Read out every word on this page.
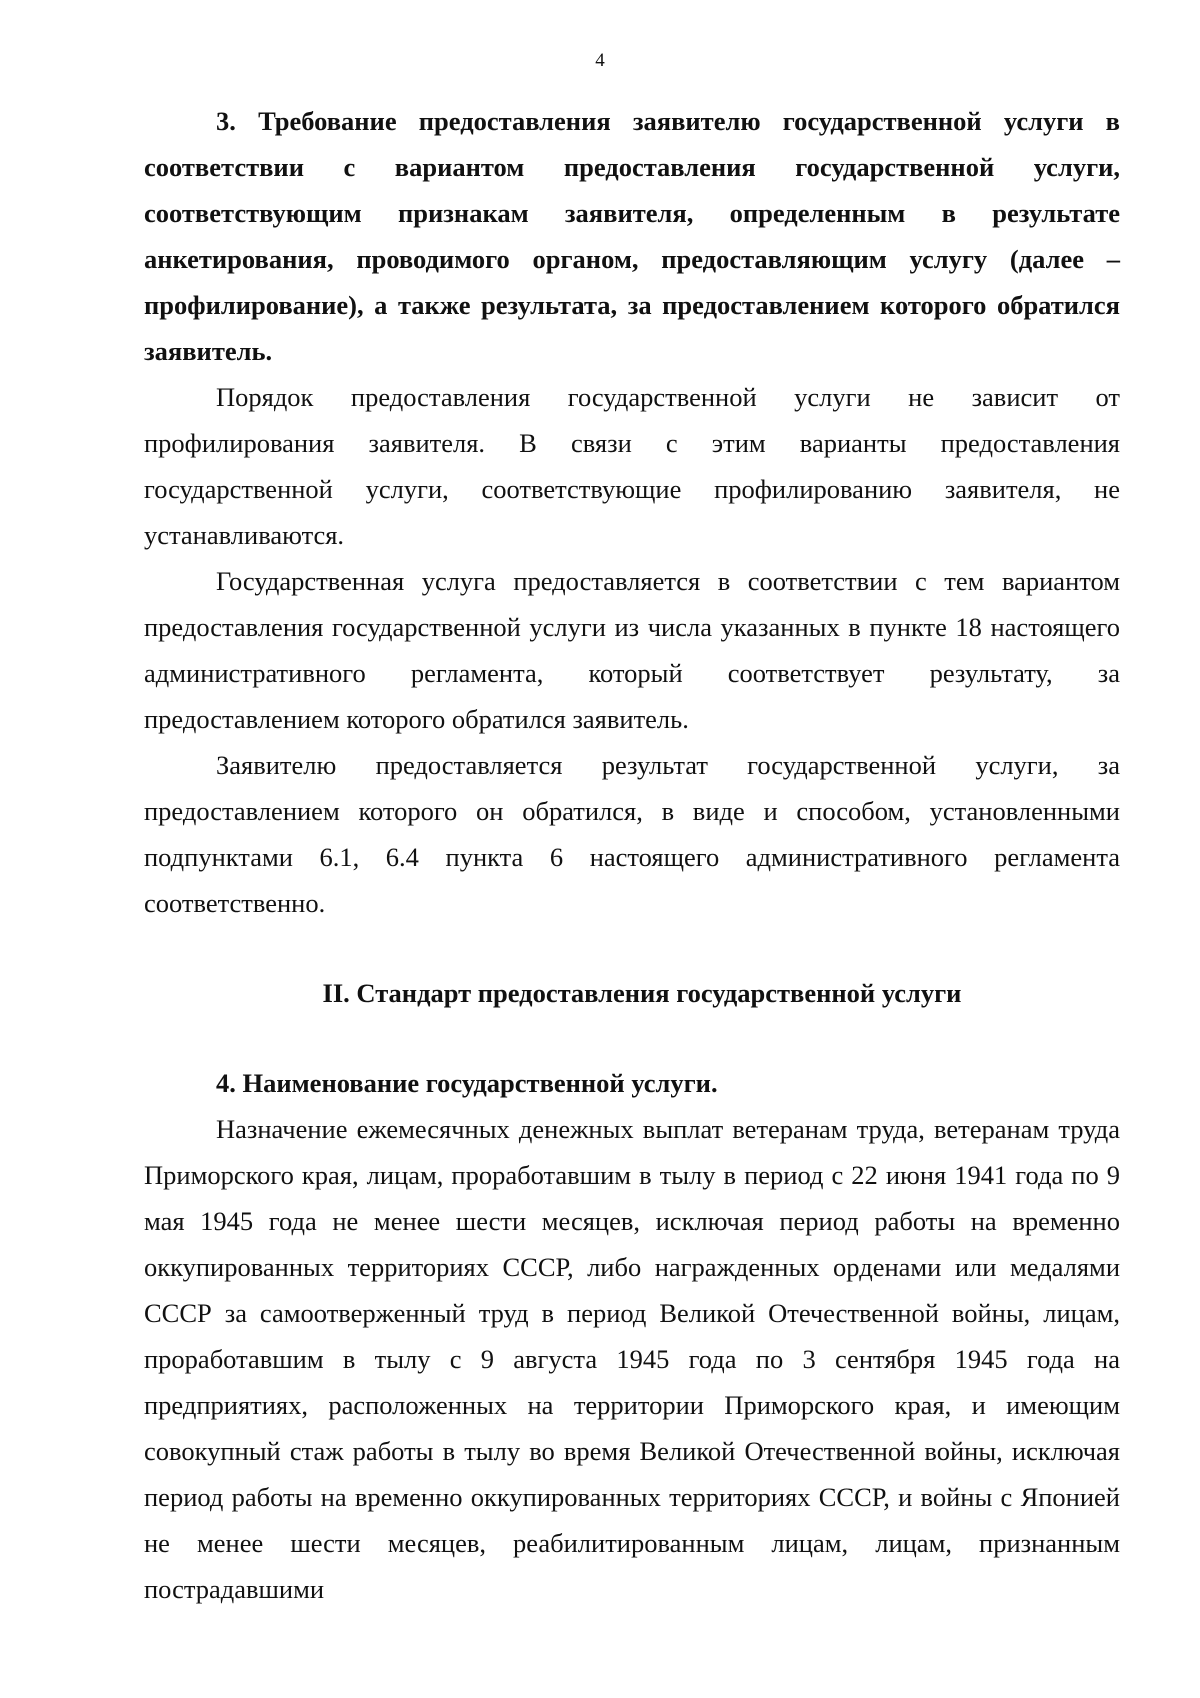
4

3. Требование предоставления заявителю государственной услуги в соответствии с вариантом предоставления государственной услуги, соответствующим признакам заявителя, определенным в результате анкетирования, проводимого органом, предоставляющим услугу (далее – профилирование), а также результата, за предоставлением которого обратился заявитель.

Порядок предоставления государственной услуги не зависит от профилирования заявителя. В связи с этим варианты предоставления государственной услуги, соответствующие профилированию заявителя, не устанавливаются.

Государственная услуга предоставляется в соответствии с тем вариантом предоставления государственной услуги из числа указанных в пункте 18 настоящего административного регламента, который соответствует результату, за предоставлением которого обратился заявитель.

Заявителю предоставляется результат государственной услуги, за предоставлением которого он обратился, в виде и способом, установленными подпунктами 6.1, 6.4 пункта 6 настоящего административного регламента соответственно.

II. Стандарт предоставления государственной услуги

4. Наименование государственной услуги.

Назначение ежемесячных денежных выплат ветеранам труда, ветеранам труда Приморского края, лицам, проработавшим в тылу в период с 22 июня 1941 года по 9 мая 1945 года не менее шести месяцев, исключая период работы на временно оккупированных территориях СССР, либо награжденных орденами или медалями СССР за самоотверженный труд в период Великой Отечественной войны, лицам, проработавшим в тылу с 9 августа 1945 года по 3 сентября 1945 года на предприятиях, расположенных на территории Приморского края, и имеющим совокупный стаж работы в тылу во время Великой Отечественной войны, исключая период работы на временно оккупированных территориях СССР, и войны с Японией не менее шести месяцев, реабилитированным лицам, лицам, признанным пострадавшими
